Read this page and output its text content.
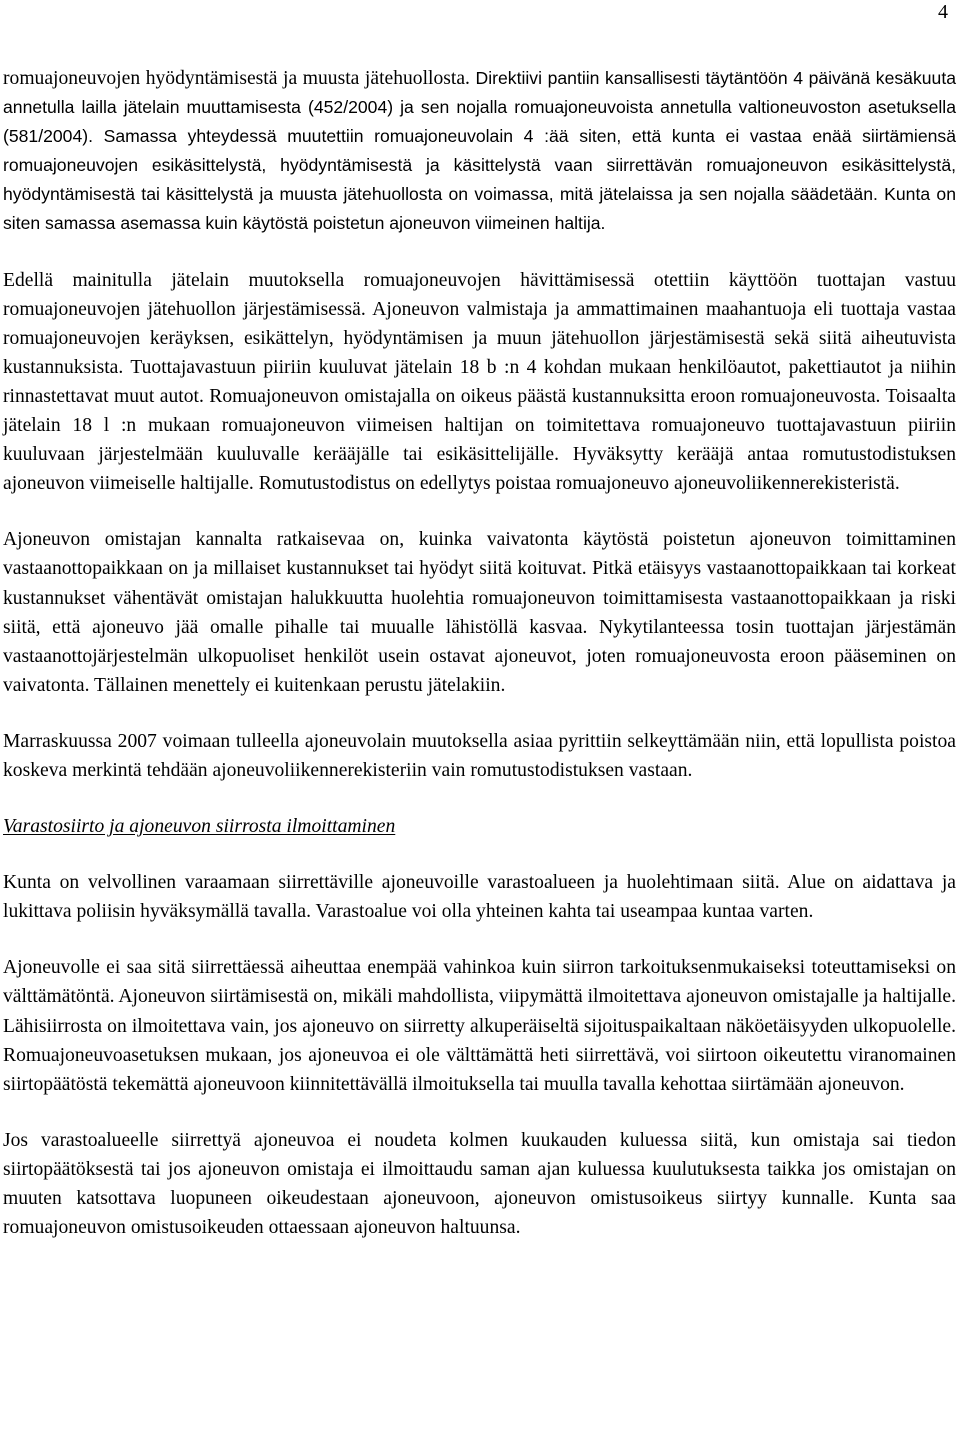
4

romuajoneuvojen hyödyntämisestä ja muusta jätehuollosta. Direktiivi pantiin kansallisesti täytäntöön 4 päivänä kesäkuuta annetulla lailla jätelain muuttamisesta (452/2004) ja sen nojalla romuajoneuvoista annetulla valtioneuvoston asetuksella (581/2004). Samassa yhteydessä muutettiin romuajoneuvolain 4 :ää siten, että kunta ei vastaa enää siirtämiensä romuajoneuvojen esikäsittelystä, hyödyntämisestä ja käsittelystä vaan siirrettävän romuajoneuvon esikäsittelystä, hyödyntämisestä tai käsittelystä ja muusta jätehuollosta on voimassa, mitä jätelaissa ja sen nojalla säädetään. Kunta on siten samassa asemassa kuin käytöstä poistetun ajoneuvon viimeinen haltija.

Edellä mainitulla jätelain muutoksella romuajoneuvojen hävittämisessä otettiin käyttöön tuottajan vastuu romuajoneuvojen jätehuollon järjestämisessä. Ajoneuvon valmistaja ja ammattimainen maahantuoja eli tuottaja vastaa romuajoneuvojen keräyksen, esikättelyn, hyödyntämisen ja muun jätehuollon järjestämisestä sekä siitä aiheutuvista kustannuksista. Tuottajavastuun piiriin kuuluvat jätelain 18 b :n 4 kohdan mukaan henkilöautot, pakettiautot ja niihin rinnastettavat muut autot. Romuajoneuvon omistajalla on oikeus päästä kustannuksitta eroon romuajoneuvosta. Toisaalta jätelain 18 l :n mukaan romuajoneuvon viimeisen haltijan on toimitettava romuajoneuvo tuottajavastuun piiriin kuuluvaan järjestelmään kuuluvalle kerääjälle tai esikäsittelijälle. Hyväksytty kerääjä antaa romutustodistuksen ajoneuvon viimeiselle haltijalle. Romutustodistus on edellytys poistaa romuajoneuvo ajoneuvoliikennerekisteristä.

Ajoneuvon omistajan kannalta ratkaisevaa on, kuinka vaivatonta käytöstä poistetun ajoneuvon toimittaminen vastaanottopaikkaan on ja millaiset kustannukset tai hyödyt siitä koituvat. Pitkä etäisyys vastaanottopaikkaan tai korkeat kustannukset vähentävät omistajan halukkuutta huolehtia romuajoneuvon toimittamisesta vastaanottopaikkaan ja riski siitä, että ajoneuvo jää omalle pihalle tai muualle lähistöllä kasvaa. Nykytilanteessa tosin tuottajan järjestämän vastaanottojärjestelmän ulkopuoliset henkilöt usein ostavat ajoneuvot, joten romuajoneuvosta eroon pääseminen on vaivatonta. Tällainen menettely ei kuitenkaan perustu jätelakiin.

Marraskuussa 2007 voimaan tulleella ajoneuvolain muutoksella asiaa pyrittiin selkeyttämään niin, että lopullista poistoa koskeva merkintä tehdään ajoneuvoliikennerekisteriin vain romutustodistuksen vastaan.

Varastosiirto ja ajoneuvon siirrosta ilmoittaminen

Kunta on velvollinen varaamaan siirrettäville ajoneuvoille varastoalueen ja huolehtimaan siitä. Alue on aidattava ja lukittava poliisin hyväksymällä tavalla. Varastoalue voi olla yhteinen kahta tai useampaa kuntaa varten.

Ajoneuvolle ei saa sitä siirrettäessä aiheuttaa enempää vahinkoa kuin siirron tarkoituksenmukaiseksi toteuttamiseksi on välttämätöntä. Ajoneuvon siirtämisestä on, mikäli mahdollista, viipymättä ilmoitettava ajoneuvon omistajalle ja haltijalle. Lähisiirrosta on ilmoitettava vain, jos ajoneuvo on siirretty alkuperäiseltä sijoituspaikaltaan näköetäisyyden ulkopuolelle. Romuajoneuvoasetuksen mukaan, jos ajoneuvoa ei ole välttämättä heti siirrettävä, voi siirtoon oikeutettu viranomainen siirtopäätöstä tekemättä ajoneuvoon kiinnitettävällä ilmoituksella tai muulla tavalla kehottaa siirtämään ajoneuvon.

Jos varastoalueelle siirrettyä ajoneuvoa ei noudeta kolmen kuukauden kuluessa siitä, kun omistaja sai tiedon siirtopäätöksestä tai jos ajoneuvon omistaja ei ilmoittaudu saman ajan kuluessa kuulutuksesta taikka jos omistajan on muuten katsottava luopuneen oikeudestaan ajoneuvoon, ajoneuvon omistusoikeus siirtyy kunnalle. Kunta saa romuajoneuvon omistusoikeuden ottaessaan ajoneuvon haltuunsa.
